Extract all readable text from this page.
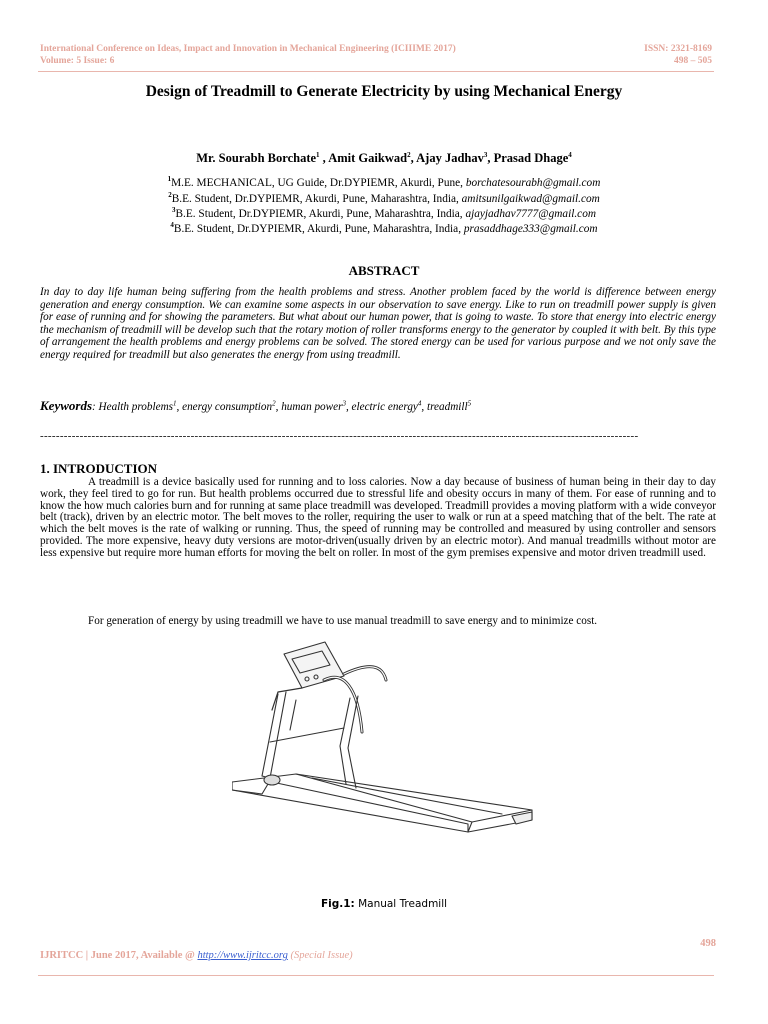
International Conference on Ideas, Impact and Innovation in Mechanical Engineering (ICIIIME 2017)
Volume: 5 Issue: 6
ISSN: 2321-8169
498 – 505
Design of Treadmill to Generate Electricity by using Mechanical Energy
Mr. Sourabh Borchate$^1$ , Amit Gaikwad$^2$, Ajay Jadhav$^3$, Prasad Dhage$^4$
$^1$M.E. MECHANICAL, UG Guide, Dr.DYPIEMR, Akurdi, Pune, borchatesourabh@gmail.com
$^2$B.E. Student, Dr.DYPIEMR, Akurdi, Pune, Maharashtra, India, amitsunilgaikwad@gmail.com
$^3$B.E. Student, Dr.DYPIEMR, Akurdi, Pune, Maharashtra, India, ajayjadhav7777@gmail.com
$^4$B.E. Student, Dr.DYPIEMR, Akurdi, Pune, Maharashtra, India, prasaddhage333@gmail.com
ABSTRACT
In day to day life human being suffering from the health problems and stress. Another problem faced by the world is difference between energy generation and energy consumption. We can examine some aspects in our observation to save energy. Like to run on treadmill power supply is given for ease of running and for showing the parameters. But what about our human power, that is going to waste. To store that energy into electric energy the mechanism of treadmill will be develop such that the rotary motion of roller transforms energy to the generator by coupled it with belt. By this type of arrangement the health problems and energy problems can be solved. The stored energy can be used for various purpose and we not only save the energy required for treadmill but also generates the energy from using treadmill.
Keywords: Health problems$^1$, energy consumption$^2$, human power$^3$, electric energy$^4$, treadmill$^5$
-------------------------------------------------------------------------------------------------------------------------------------------------------
1. INTRODUCTION
A treadmill is a device basically used for running and to loss calories. Now a day because of business of human being in their day to day work, they feel tired to go for run. But health problems occurred due to stressful life and obesity occurs in many of them. For ease of running and to know the how much calories burn and for running at same place treadmill was developed. Treadmill provides a moving platform with a wide conveyor belt (track), driven by an electric motor. The belt moves to the roller, requiring the user to walk or run at a speed matching that of the belt. The rate at which the belt moves is the rate of walking or running. Thus, the speed of running may be controlled and measured by using controller and sensors provided. The more expensive, heavy duty versions are motor-driven(usually driven by an electric motor). And manual treadmills without motor are less expensive but require more human efforts for moving the belt on roller. In most of the gym premises expensive and motor driven treadmill used.
For generation of energy by using treadmill we have to use manual treadmill to save energy and to minimize cost.
Fig.1: Manual Treadmill
498
IJRITCC | June 2017, Available @ http://www.ijritcc.org (Special Issue)
